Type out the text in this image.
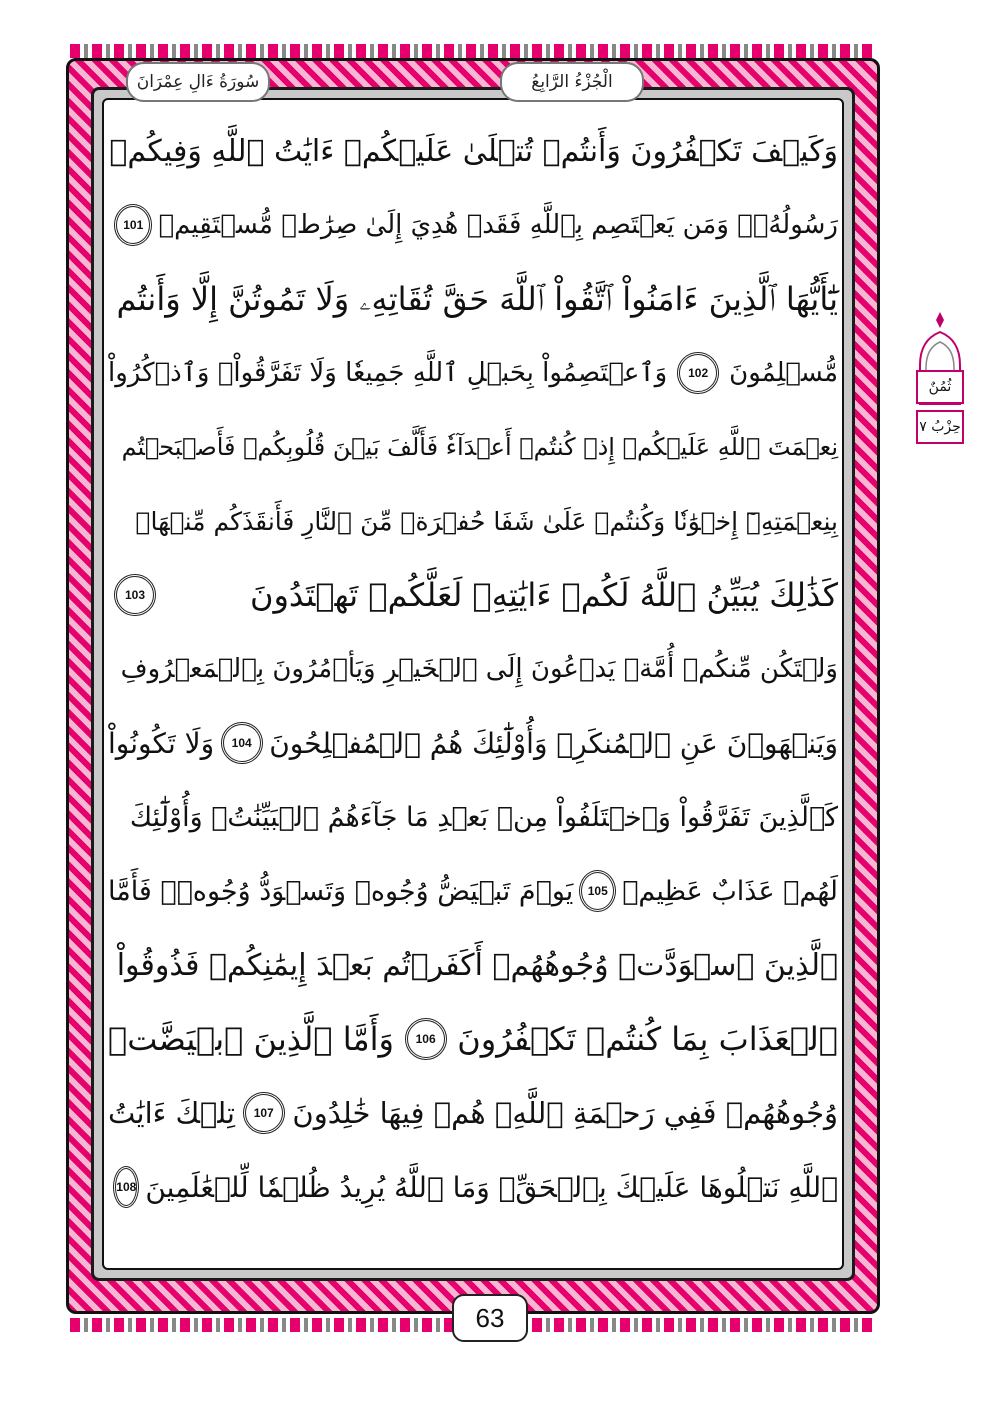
الْجُزْءُ الرَّابِعُ
سُورَةُ ءَالِ عِمْرَانَ
ثُمُنٌ
حِزْبُ ٧
وَكَيۡفَ تَكۡفُرُونَ وَأَنتُمۡ تُتۡلَىٰ عَلَيۡكُمۡ ءَايَٰتُ ٱللَّهِ وَفِيكُمۡ
رَسُولُهُۥۗ وَمَن يَعۡتَصِم بِٱللَّهِ فَقَدۡ هُدِيَ إِلَىٰ صِرَٰطٖ مُّسۡتَقِيمٖ
101
يَٰٓأَيُّهَا ٱلَّذِينَ ءَامَنُواْ ٱتَّقُواْ ٱللَّهَ حَقَّ تُقَاتِهِۦ وَلَا تَمُوتُنَّ إِلَّا وَأَنتُم
مُّسۡلِمُونَ
102
وَٱعۡتَصِمُواْ بِحَبۡلِ ٱللَّهِ جَمِيعٗا وَلَا تَفَرَّقُواْۚ وَٱذۡكُرُواْ
نِعۡمَتَ ٱللَّهِ عَلَيۡكُمۡ إِذۡ كُنتُمۡ أَعۡدَآءٗ فَأَلَّفَ بَيۡنَ قُلُوبِكُمۡ فَأَصۡبَحۡتُم
بِنِعۡمَتِهِۦٓ إِخۡوَٰنٗا وَكُنتُمۡ عَلَىٰ شَفَا حُفۡرَةٖ مِّنَ ٱلنَّارِ فَأَنقَذَكُم مِّنۡهَاۗ
كَذَٰلِكَ يُبَيِّنُ ٱللَّهُ لَكُمۡ ءَايَٰتِهِۦ لَعَلَّكُمۡ تَهۡتَدُونَ
103
وَلۡتَكُن مِّنكُمۡ أُمَّةٞ يَدۡعُونَ إِلَى ٱلۡخَيۡرِ وَيَأۡمُرُونَ بِٱلۡمَعۡرُوفِ
وَيَنۡهَوۡنَ عَنِ ٱلۡمُنكَرِۚ وَأُوْلَٰٓئِكَ هُمُ ٱلۡمُفۡلِحُونَ
104
وَلَا تَكُونُواْ
كَٱلَّذِينَ تَفَرَّقُواْ وَٱخۡتَلَفُواْ مِنۢ بَعۡدِ مَا جَآءَهُمُ ٱلۡبَيِّنَٰتُۚ وَأُوْلَٰٓئِكَ
لَهُمۡ عَذَابٌ عَظِيمٞ
105
يَوۡمَ تَبۡيَضُّ وُجُوهٞ وَتَسۡوَدُّ وُجُوهٞۚ فَأَمَّا
ٱلَّذِينَ ٱسۡوَدَّتۡ وُجُوهُهُمۡ أَكَفَرۡتُم بَعۡدَ إِيمَٰنِكُمۡ فَذُوقُواْ
ٱلۡعَذَابَ بِمَا كُنتُمۡ تَكۡفُرُونَ
106
وَأَمَّا ٱلَّذِينَ ٱبۡيَضَّتۡ
وُجُوهُهُمۡ فَفِي رَحۡمَةِ ٱللَّهِۖ هُمۡ فِيهَا خَٰلِدُونَ
107
تِلۡكَ ءَايَٰتُ
ٱللَّهِ نَتۡلُوهَا عَلَيۡكَ بِٱلۡحَقِّۗ وَمَا ٱللَّهُ يُرِيدُ ظُلۡمٗا لِّلۡعَٰلَمِينَ
108
63
